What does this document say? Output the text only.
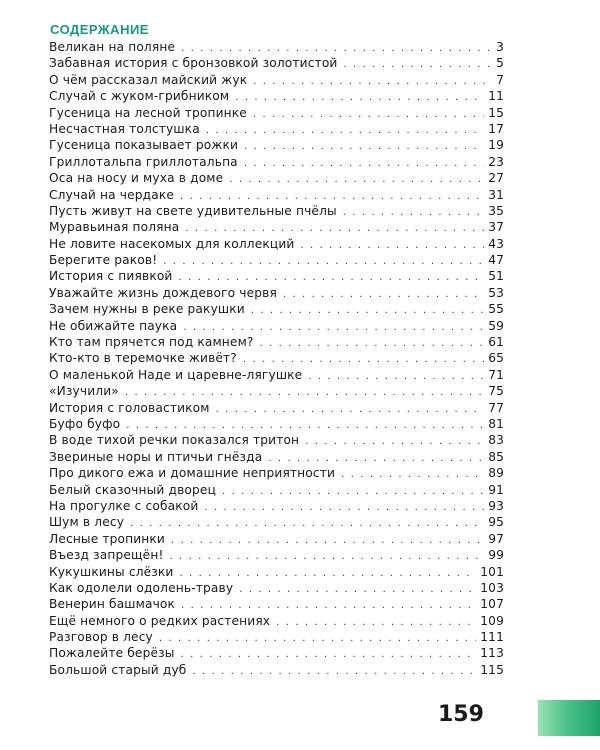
СОДЕРЖАНИЕ
Великан на поляне . . .	3
Забавная история с бронзовкой золотистой . . .	5
О чём рассказал майский жук . . .	7
Случай с жуком-грибником . . .	11
Гусеница на лесной тропинке . . .	15
Несчастная толстушка . . .	17
Гусеница показывает рожки . . .	19
Гриллотальпа гриллотальпа . . .	23
Оса на носу и муха в доме . . .	27
Случай на чердаке . . .	31
Пусть живут на свете удивительные пчёлы . . .	35
Муравьиная поляна . . .	37
Не ловите насекомых для коллекций . . .	43
Берегите раков! . . .	47
История с пиявкой . . .	51
Уважайте жизнь дождевого червя . . .	53
Зачем нужны в реке ракушки . . .	55
Не обижайте паука . . .	59
Кто там прячется под камнем? . . .	61
Кто-кто в теремочке живёт? . . .	65
О маленькой Наде и царевне-лягушке . . .	71
«Изучили» . . .	75
История с головастиком . . .	77
Буфо буфо . . .	81
В воде тихой речки показался тритон . . .	83
Звериные норы и птичьи гнёзда . . .	85
Про дикого ежа и домашние неприятности . . .	89
Белый сказочный дворец . . .	91
На прогулке с собакой . . .	93
Шум в лесу . . .	95
Лесные тропинки . . .	97
Въезд запрещён! . . .	99
Кукушкины слёзки . . .	101
Как одолели одолень-траву . . .	103
Венерин башмачок . . .	107
Ещё немного о редких растениях . . .	109
Разговор в лесу . . .	111
Пожалейте берёзы . . .	113
Большой старый дуб . . .	115
159
